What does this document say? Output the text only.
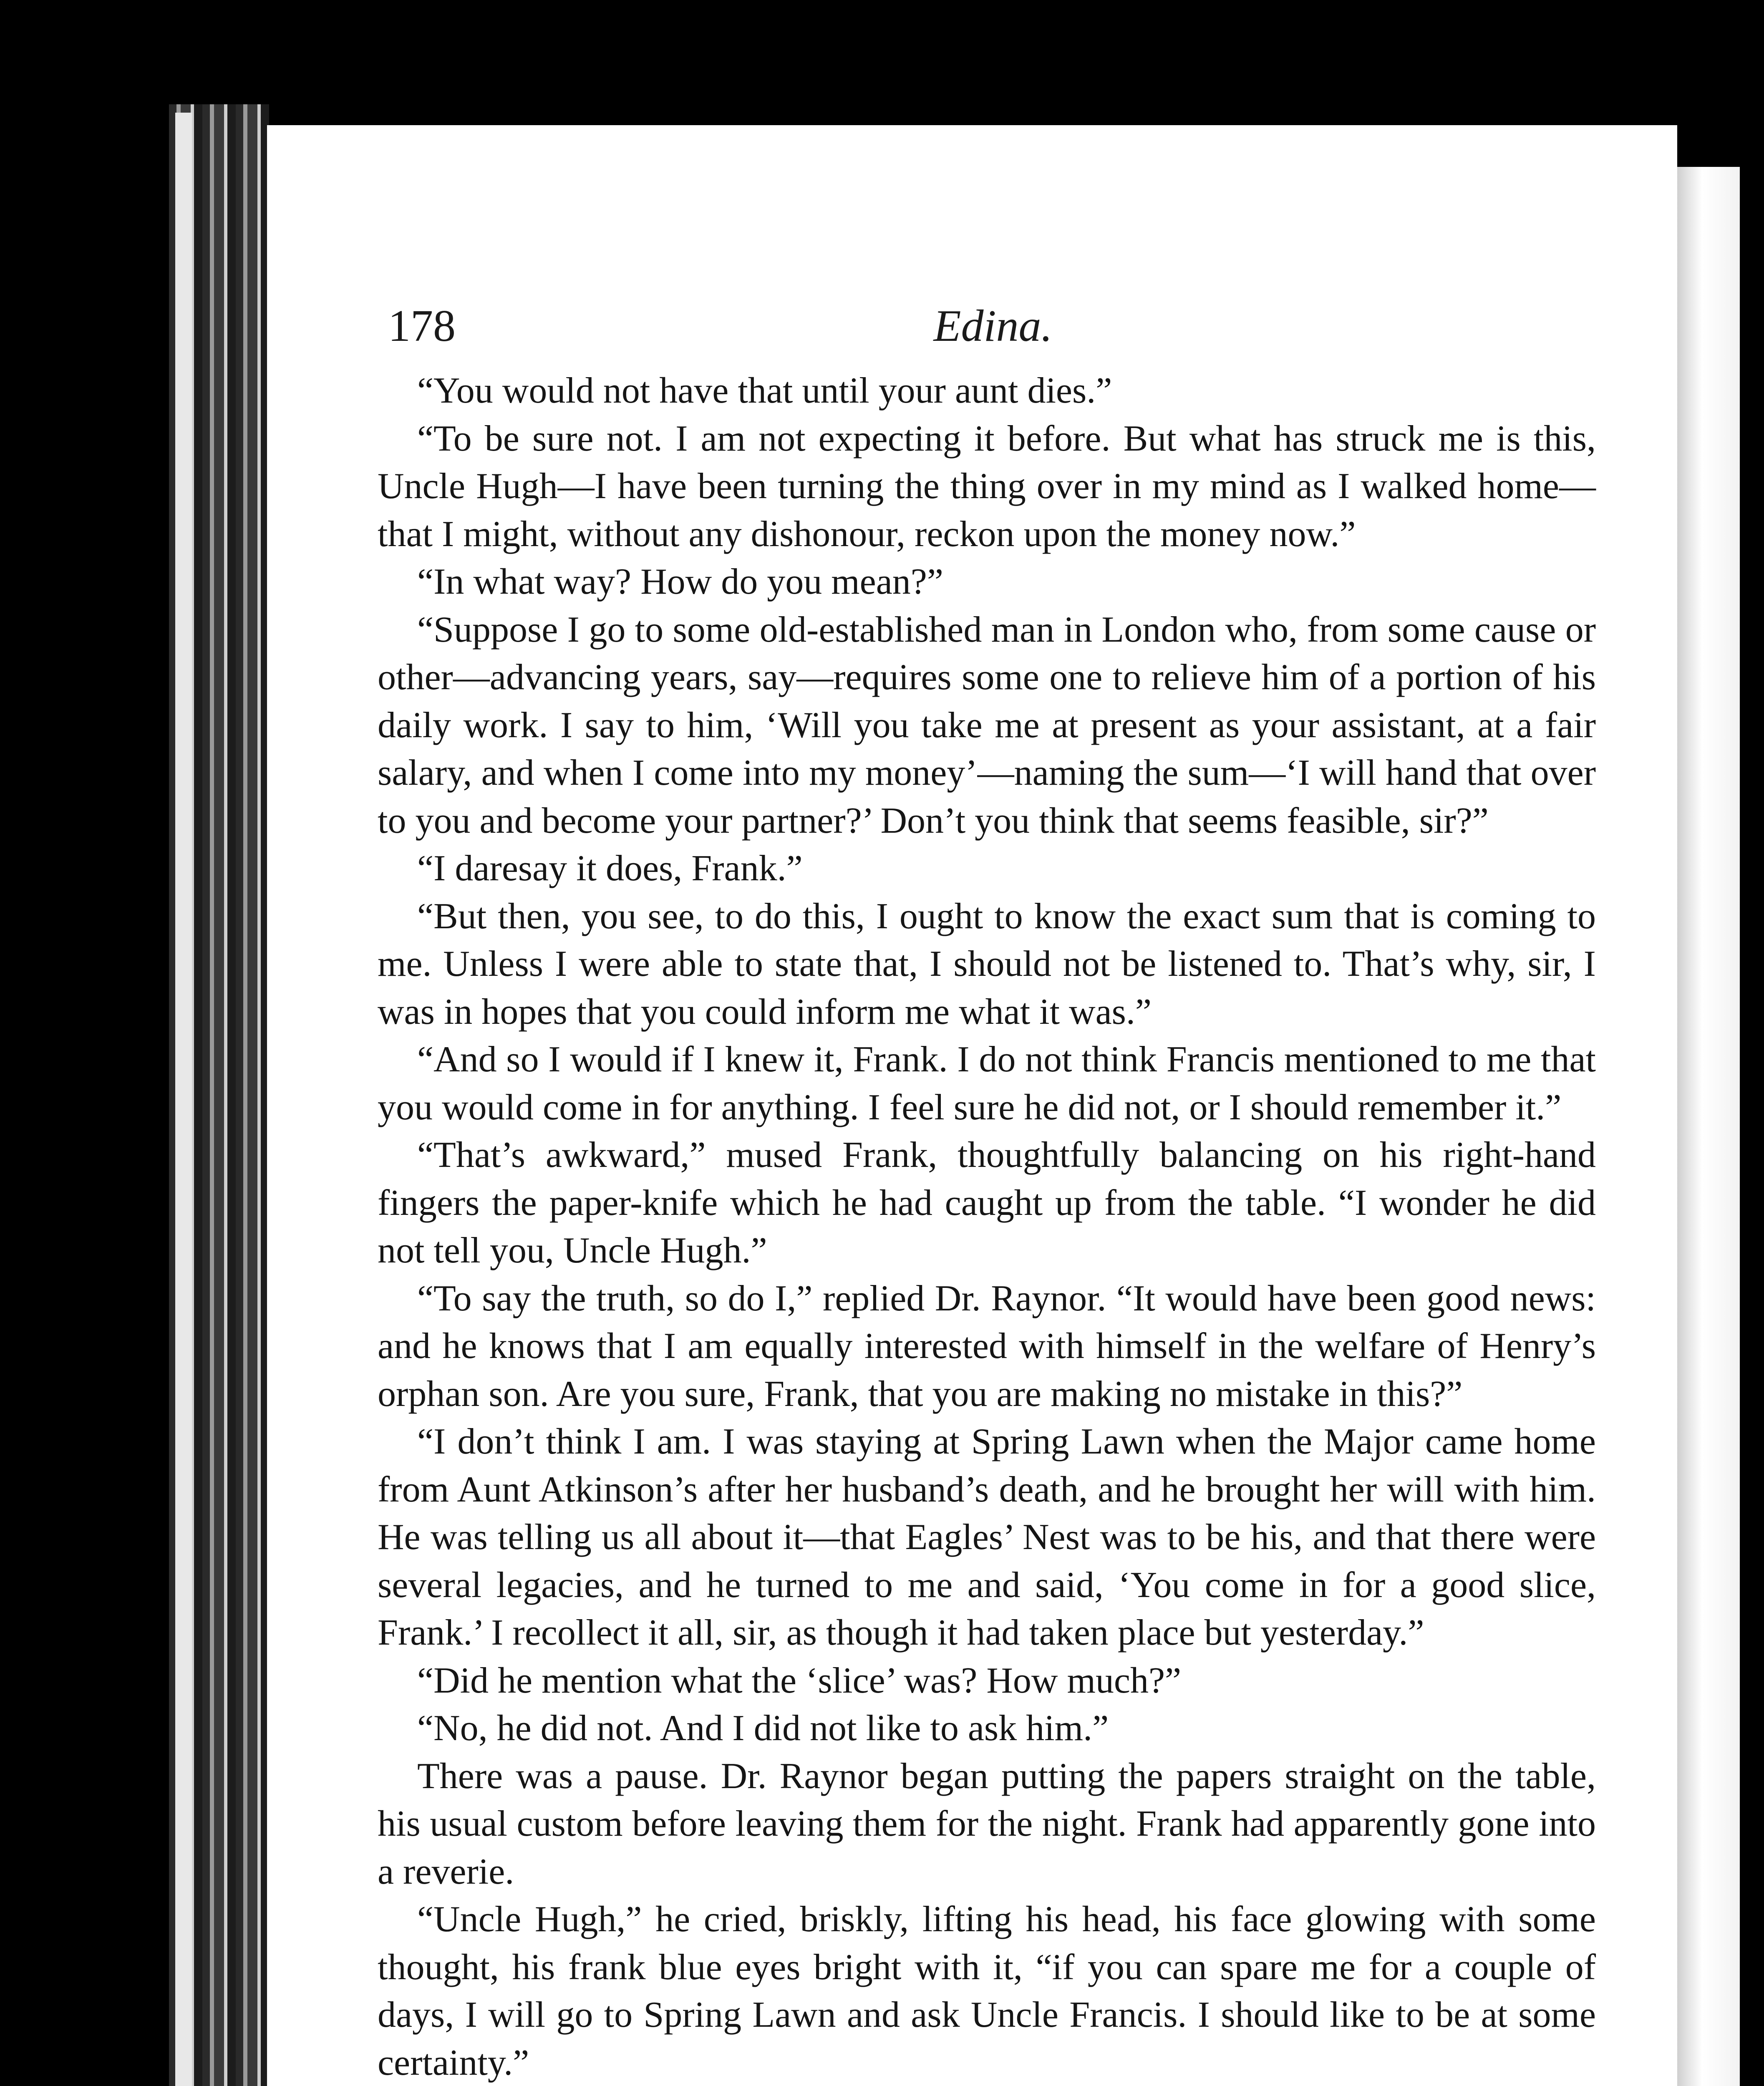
178	Edina.

“You would not have that until your aunt dies.”

“To be sure not. I am not expecting it before. But what has struck me is this, Uncle Hugh—I have been turning the thing over in my mind as I walked home—that I might, without any dishonour, reckon upon the money now.”

“In what way? How do you mean?”

“Suppose I go to some old-established man in London who, from some cause or other—advancing years, say—requires some one to relieve him of a portion of his daily work. I say to him, ‘Will you take me at present as your assistant, at a fair salary, and when I come into my money’—naming the sum—‘I will hand that over to you and become your partner?’ Don’t you think that seems feasible, sir?”

“I daresay it does, Frank.”

“But then, you see, to do this, I ought to know the exact sum that is coming to me. Unless I were able to state that, I should not be listened to. That’s why, sir, I was in hopes that you could inform me what it was.”

“And so I would if I knew it, Frank. I do not think Francis mentioned to me that you would come in for anything. I feel sure he did not, or I should remember it.”

“That’s awkward,” mused Frank, thoughtfully balancing on his right-hand fingers the paper-knife which he had caught up from the table. “I wonder he did not tell you, Uncle Hugh.”

“To say the truth, so do I,” replied Dr. Raynor. “It would have been good news: and he knows that I am equally interested with himself in the welfare of Henry’s orphan son. Are you sure, Frank, that you are making no mistake in this?”

“I don’t think I am. I was staying at Spring Lawn when the Major came home from Aunt Atkinson’s after her husband’s death, and he brought her will with him. He was telling us all about it—that Eagles’ Nest was to be his, and that there were several legacies, and he turned to me and said, ‘You come in for a good slice, Frank.’ I recollect it all, sir, as though it had taken place but yesterday.”

“Did he mention what the ‘slice’ was? How much?”

“No, he did not. And I did not like to ask him.”

There was a pause. Dr. Raynor began putting the papers straight on the table, his usual custom before leaving them for the night. Frank had apparently gone into a reverie.

“Uncle Hugh,” he cried, briskly, lifting his head, his face glowing with some thought, his frank blue eyes bright with it, “if you can spare me for a couple of days, I will go to Spring Lawn and ask Uncle Francis. I should like to be at some certainty.”
